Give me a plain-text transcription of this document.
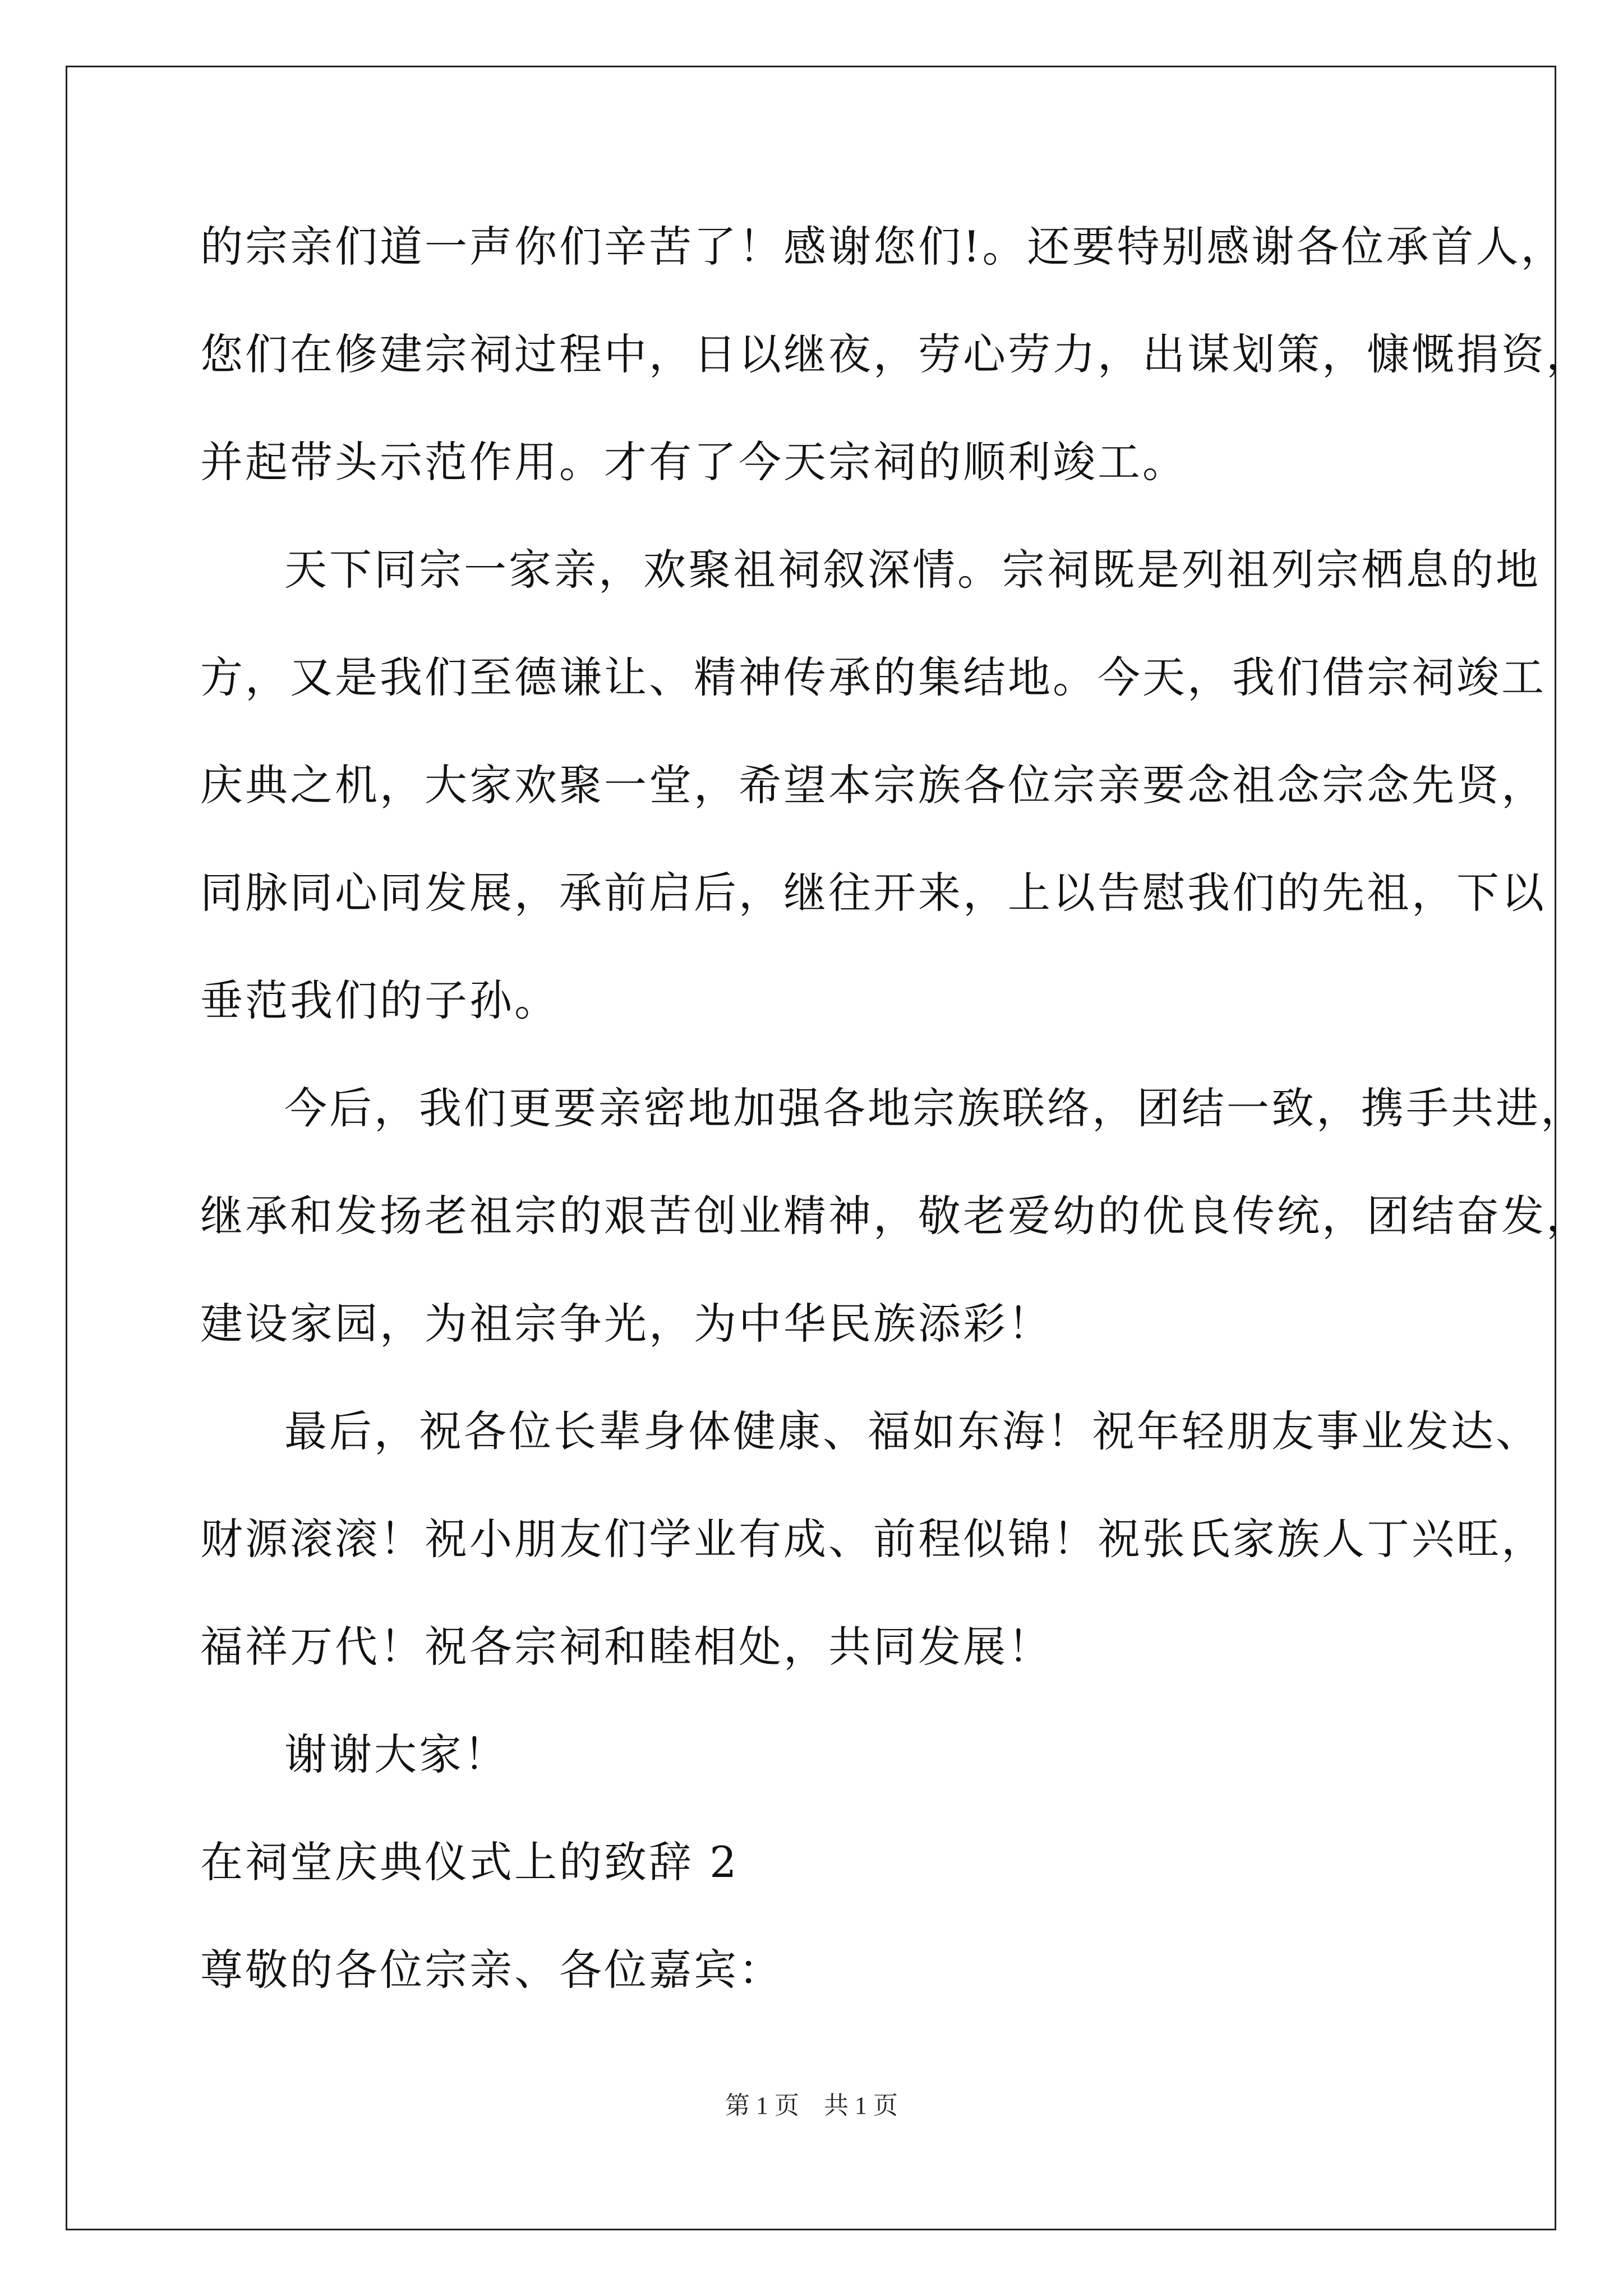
的宗亲们道一声你们辛苦了！感谢您们!。还要特别感谢各位承首人，
您们在修建宗祠过程中，日以继夜，劳心劳力，出谋划策，慷慨捐资，
并起带头示范作用。才有了今天宗祠的顺利竣工。
天下同宗一家亲，欢聚祖祠叙深情。宗祠既是列祖列宗栖息的地
方，又是我们至德谦让、精神传承的集结地。今天，我们借宗祠竣工
庆典之机，大家欢聚一堂，希望本宗族各位宗亲要念祖念宗念先贤，
同脉同心同发展，承前启后，继往开来，上以告慰我们的先祖，下以
垂范我们的子孙。
今后，我们更要亲密地加强各地宗族联络，团结一致，携手共进，
继承和发扬老祖宗的艰苦创业精神，敬老爱幼的优良传统，团结奋发，
建设家园，为祖宗争光，为中华民族添彩！
最后，祝各位长辈身体健康、福如东海！祝年轻朋友事业发达、
财源滚滚！祝小朋友们学业有成、前程似锦！祝张氏家族人丁兴旺，
福祥万代！祝各宗祠和睦相处，共同发展！
谢谢大家！
在祠堂庆典仪式上的致辞 2
尊敬的各位宗亲、各位嘉宾：
第 1 页　共 1 页
